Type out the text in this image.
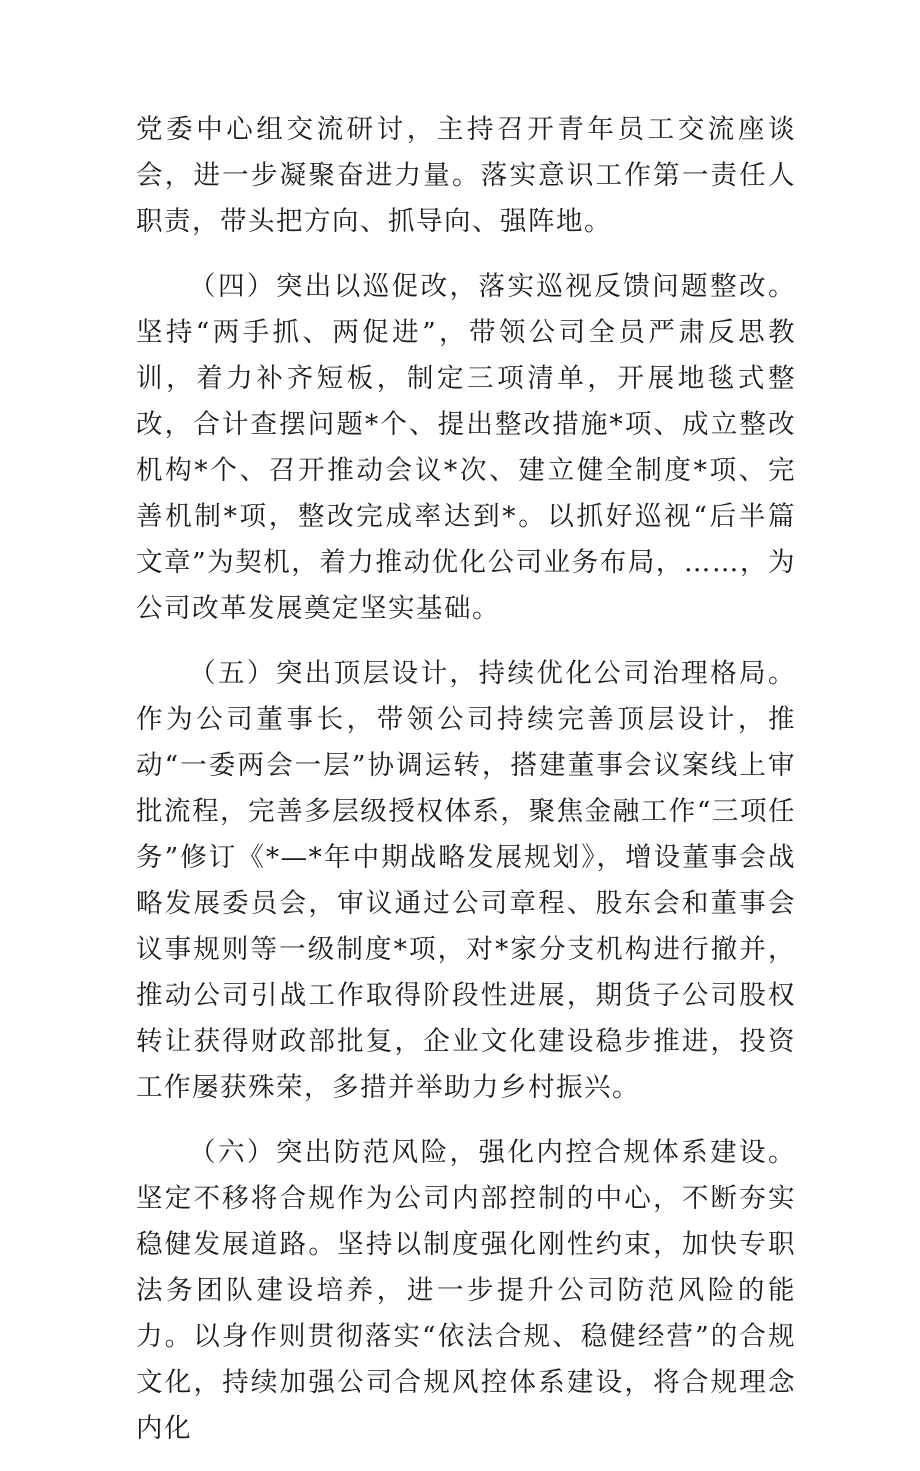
党委中心组交流研讨，主持召开青年员工交流座谈会，进一步凝聚奋进力量。落实意识工作第一责任人职责，带头把方向、抓导向、强阵地。

（四）突出以巡促改，落实巡视反馈问题整改。坚持“两手抓、两促进”，带领公司全员严肃反思教训，着力补齐短板，制定三项清单，开展地毯式整改，合计查摆问题*个、提出整改措施*项、成立整改机构*个、召开推动会议*次、建立健全制度*项、完善机制*项，整改完成率达到*。以抓好巡视“后半篇文章”为契机，着力推动优化公司业务布局，……，为公司改革发展奠定坚实基础。

（五）突出顶层设计，持续优化公司治理格局。作为公司董事长，带领公司持续完善顶层设计，推动“一委两会一层”协调运转，搭建董事会议案线上审批流程，完善多层级授权体系，聚焦金融工作“三项任务”修订《*—*年中期战略发展规划》，增设董事会战略发展委员会，审议通过公司章程、股东会和董事会议事规则等一级制度*项，对*家分支机构进行撤并，推动公司引战工作取得阶段性进展，期货子公司股权转让获得财政部批复，企业文化建设稳步推进，投资工作屡获殊荣，多措并举助力乡村振兴。

（六）突出防范风险，强化内控合规体系建设。坚定不移将合规作为公司内部控制的中心，不断夯实稳健发展道路。坚持以制度强化刚性约束，加快专职法务团队建设培养，进一步提升公司防范风险的能力。以身作则贯彻落实“依法合规、稳健经营”的合规文化，持续加强公司合规风控体系建设，将合规理念内化
